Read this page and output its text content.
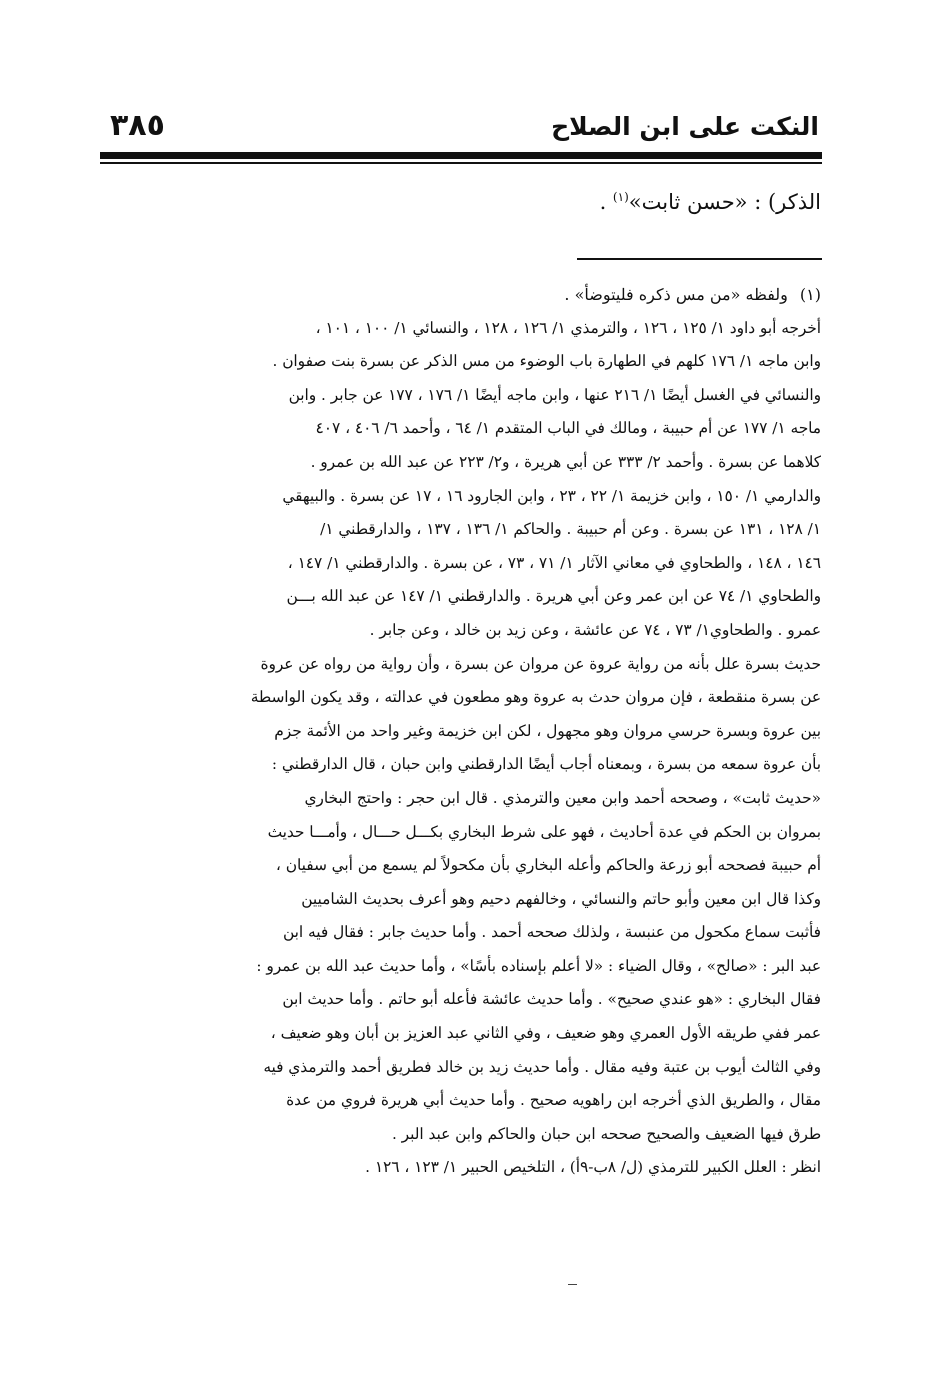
النكت على ابن الصلاح
٣٨٥
الذكر) : «حسن ثابت»$^{(١)}$ .
(١)ولفظه «من مس ذكره فليتوضأ» .
أخرجه أبو داود ١/ ١٢٥ ، ١٢٦ ، والترمذي ١/ ١٢٦ ، ١٢٨ ، والنسائي ١/ ١٠٠ ، ١٠١ ،
وابن ماجه ١/ ١٧٦ كلهم في الطهارة باب الوضوء من مس الذكر عن بسرة بنت صفوان .
والنسائي في الغسل أيضًا ١/ ٢١٦ عنها ، وابن ماجه أيضًا ١/ ١٧٦ ، ١٧٧ عن جابر . وابن
ماجه ١/ ١٧٧ عن أم حبيبة ، ومالك في الباب المتقدم ١/ ٦٤ ، وأحمد ٦/ ٤٠٦ ، ٤٠٧
كلاهما عن بسرة . وأحمد ٢/ ٣٣٣ عن أبي هريرة ، و٢/ ٢٢٣ عن عبد الله بن عمرو .
والدارمي ١/ ١٥٠ ، وابن خزيمة ١/ ٢٢ ، ٢٣ ، وابن الجارود ١٦ ، ١٧ عن بسرة . والبيهقي
١/ ١٢٨ ، ١٣١ عن بسرة . وعن أم حبيبة . والحاكم ١/ ١٣٦ ، ١٣٧ ، والدارقطني ١/
١٤٦ ، ١٤٨ ، والطحاوي في معاني الآثار ١/ ٧١ ، ٧٣ ، عن بسرة . والدارقطني ١/ ١٤٧ ،
والطحاوي ١/ ٧٤ عن ابن عمر وعن أبي هريرة . والدارقطني ١/ ١٤٧ عن عبد الله بـــن
عمرو . والطحاوي١/ ٧٣ ، ٧٤ عن عائشة ، وعن زيد بن خالد ، وعن جابر .
حديث بسرة علل بأنه من رواية عروة عن مروان عن بسرة ، وأن رواية من رواه عن عروة
عن بسرة منقطعة ، فإن مروان حدث به عروة وهو مطعون في عدالته ، وقد يكون الواسطة
بين عروة وبسرة حرسي مروان وهو مجهول ، لكن ابن خزيمة وغير واحد من الأئمة جزم
بأن عروة سمعه من بسرة ، وبمعناه أجاب أيضًا الدارقطني وابن حبان ، قال الدارقطني :
«حديث ثابت» ، وصححه أحمد وابن معين والترمذي . قال ابن حجر : واحتج البخاري
بمروان بن الحكم في عدة أحاديث ، فهو على شرط البخاري بكـــل حـــال ، وأمـــا حديث
أم حبيبة فصححه أبو زرعة والحاكم وأعله البخاري بأن مكحولاً لم يسمع من أبي سفيان ،
وكذا قال ابن معين وأبو حاتم والنسائي ، وخالفهم دحيم وهو أعرف بحديث الشاميين
فأثبت سماع مكحول من عنبسة ، ولذلك صححه أحمد . وأما حديث جابر : فقال فيه ابن
عبد البر : «صالح» ، وقال الضياء : «لا أعلم بإسناده بأسًا» ، وأما حديث عبد الله بن عمرو :
فقال البخاري : «هو عندي صحيح» . وأما حديث عائشة فأعله أبو حاتم . وأما حديث ابن
عمر ففي طريقه الأول العمري وهو ضعيف ، وفي الثاني عبد العزيز بن أبان وهو ضعيف ،
وفي الثالث أيوب بن عتبة وفيه مقال . وأما حديث زيد بن خالد فطريق أحمد والترمذي فيه
مقال ، والطريق الذي أخرجه ابن راهويه صحيح . وأما حديث أبي هريرة فروي من عدة
طرق فيها الضعيف والصحيح صححه ابن حبان والحاكم وابن عبد البر .
انظر : العلل الكبير للترمذي (ل/ ٨ب-٩أ) ، التلخيص الحبير ١/ ١٢٣ ، ١٢٦ .
